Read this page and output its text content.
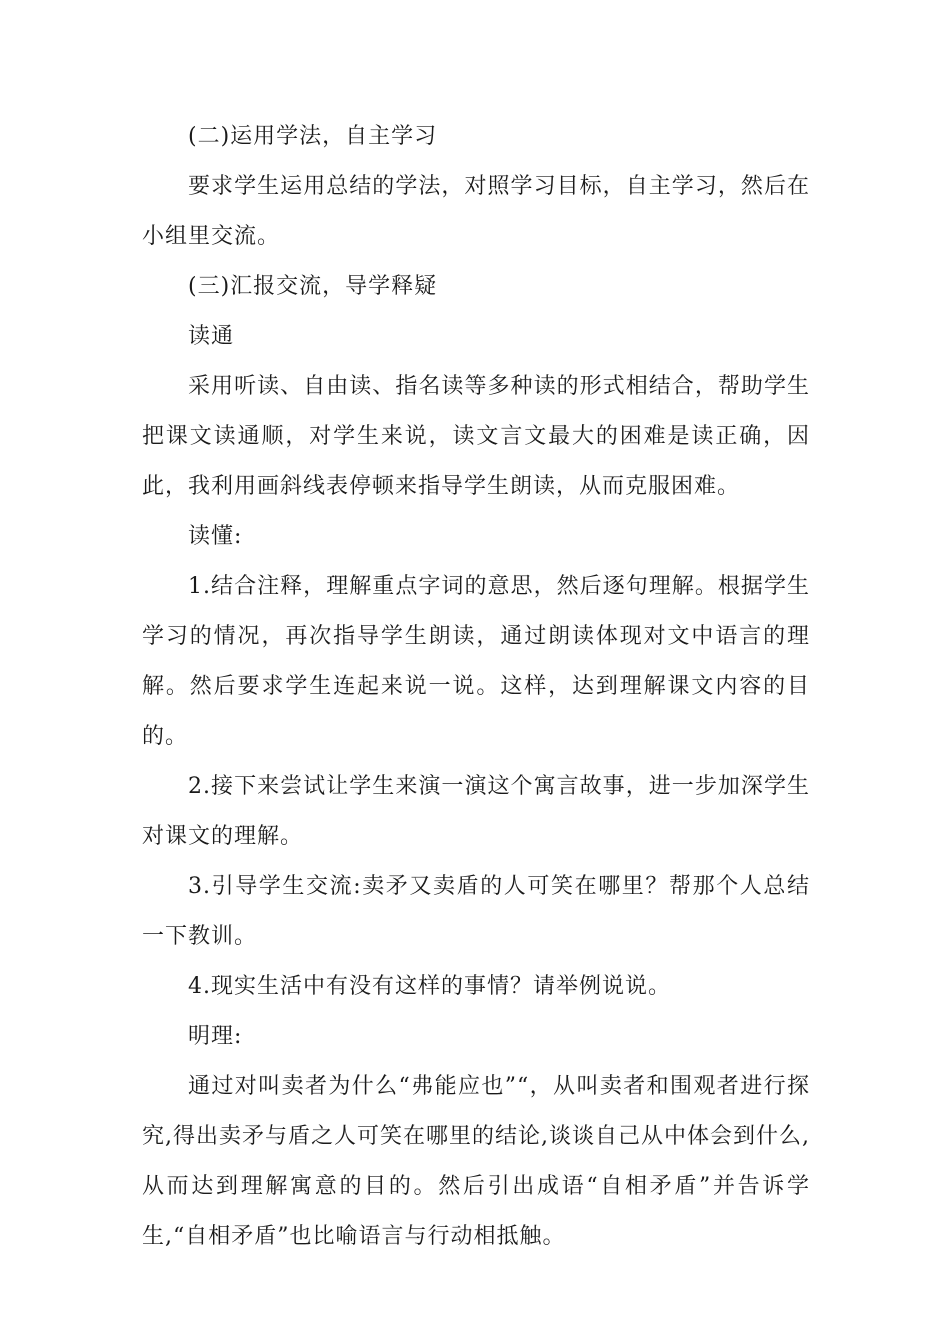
(二)运用学法，自主学习

要求学生运用总结的学法，对照学习目标，自主学习，然后在小组里交流。

(三)汇报交流，导学释疑

读通

采用听读、自由读、指名读等多种读的形式相结合，帮助学生把课文读通顺，对学生来说，读文言文最大的困难是读正确，因此，我利用画斜线表停顿来指导学生朗读，从而克服困难。

读懂:

1.结合注释，理解重点字词的意思，然后逐句理解。根据学生学习的情况，再次指导学生朗读，通过朗读体现对文中语言的理解。然后要求学生连起来说一说。这样，达到理解课文内容的目的。

2.接下来尝试让学生来演一演这个寓言故事，进一步加深学生对课文的理解。

3.引导学生交流:卖矛又卖盾的人可笑在哪里？帮那个人总结一下教训。

4.现实生活中有没有这样的事情？请举例说说。

明理:

通过对叫卖者为什么“弗能应也”“，从叫卖者和围观者进行探究,得出卖矛与盾之人可笑在哪里的结论,谈谈自己从中体会到什么,从而达到理解寓意的目的。然后引出成语“自相矛盾”并告诉学生,“自相矛盾”也比喻语言与行动相抵触。
